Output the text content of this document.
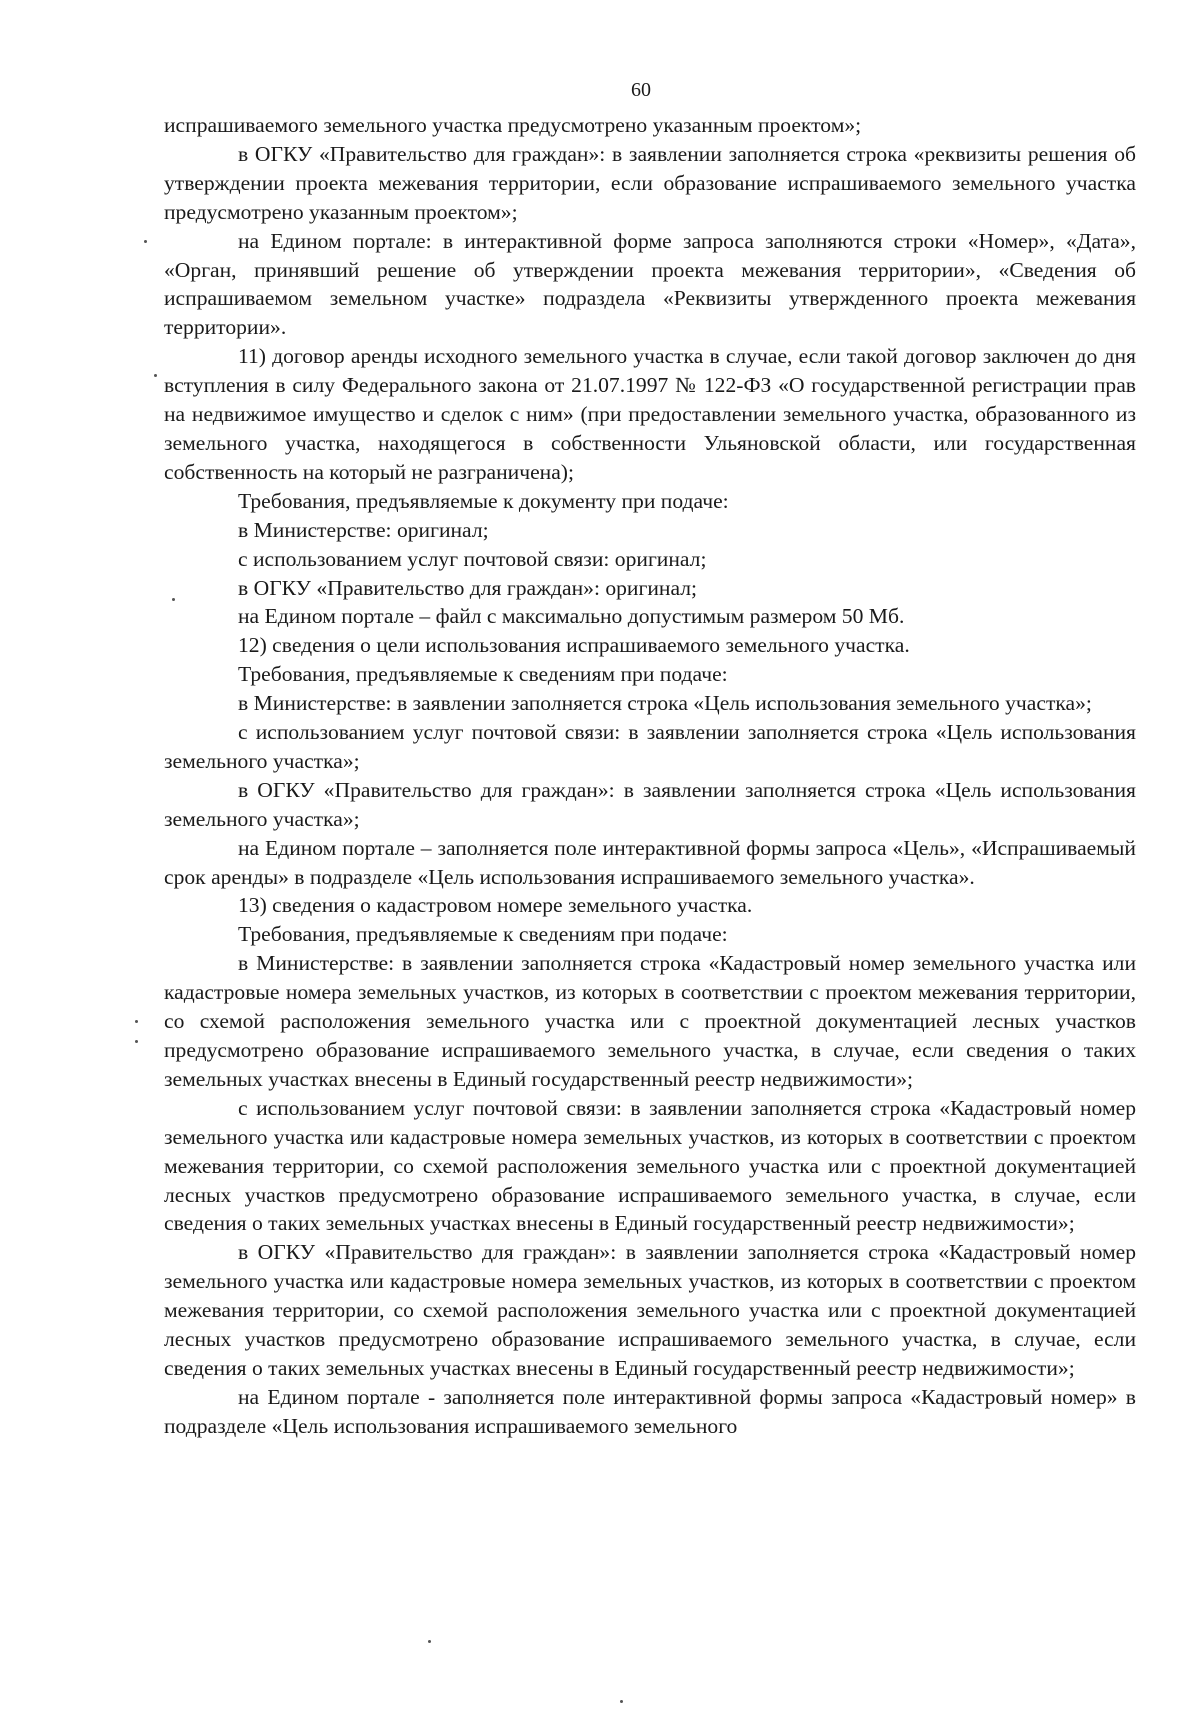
60

испрашиваемого земельного участка предусмотрено указанным проектом»;

в ОГКУ «Правительство для граждан»: в заявлении заполняется строка «реквизиты решения об утверждении проекта межевания территории, если образование испрашиваемого земельного участка предусмотрено указанным проектом»;

на Едином портале: в интерактивной форме запроса заполняются строки «Номер», «Дата», «Орган, принявший решение об утверждении проекта межевания территории», «Сведения об испрашиваемом земельном участке» подраздела «Реквизиты утвержденного проекта межевания территории».

11) договор аренды исходного земельного участка в случае, если такой договор заключен до дня вступления в силу Федерального закона от 21.07.1997 № 122-ФЗ «О государственной регистрации прав на недвижимое имущество и сделок с ним» (при предоставлении земельного участка, образованного из земельного участка, находящегося в собственности Ульяновской области, или государственная собственность на который не разграничена);

Требования, предъявляемые к документу при подаче:

в Министерстве: оригинал;

с использованием услуг почтовой связи: оригинал;

в ОГКУ «Правительство для граждан»: оригинал;

на Едином портале – файл с максимально допустимым размером 50 Мб.

12) сведения о цели использования испрашиваемого земельного участка.

Требования, предъявляемые к сведениям при подаче:

в Министерстве: в заявлении заполняется строка «Цель использования земельного участка»;

с использованием услуг почтовой связи: в заявлении заполняется строка «Цель использования земельного участка»;

в ОГКУ «Правительство для граждан»: в заявлении заполняется строка «Цель использования земельного участка»;

на Едином портале – заполняется поле интерактивной формы запроса «Цель», «Испрашиваемый срок аренды» в подразделе «Цель использования испрашиваемого земельного участка».

13) сведения о кадастровом номере земельного участка.

Требования, предъявляемые к сведениям при подаче:

в Министерстве: в заявлении заполняется строка «Кадастровый номер земельного участка или кадастровые номера земельных участков, из которых в соответствии с проектом межевания территории, со схемой расположения земельного участка или с проектной документацией лесных участков предусмотрено образование испрашиваемого земельного участка, в случае, если сведения о таких земельных участках внесены в Единый государственный реестр недвижимости»;

с использованием услуг почтовой связи: в заявлении заполняется строка «Кадастровый номер земельного участка или кадастровые номера земельных участков, из которых в соответствии с проектом межевания территории, со схемой расположения земельного участка или с проектной документацией лесных участков предусмотрено образование испрашиваемого земельного участка, в случае, если сведения о таких земельных участках внесены в Единый государственный реестр недвижимости»;

в ОГКУ «Правительство для граждан»: в заявлении заполняется строка «Кадастровый номер земельного участка или кадастровые номера земельных участков, из которых в соответствии с проектом межевания территории, со схемой расположения земельного участка или с проектной документацией лесных участков предусмотрено образование испрашиваемого земельного участка, в случае, если сведения о таких земельных участках внесены в Единый государственный реестр недвижимости»;

на Едином портале - заполняется поле интерактивной формы запроса «Кадастровый номер» в подразделе «Цель использования испрашиваемого земельного
